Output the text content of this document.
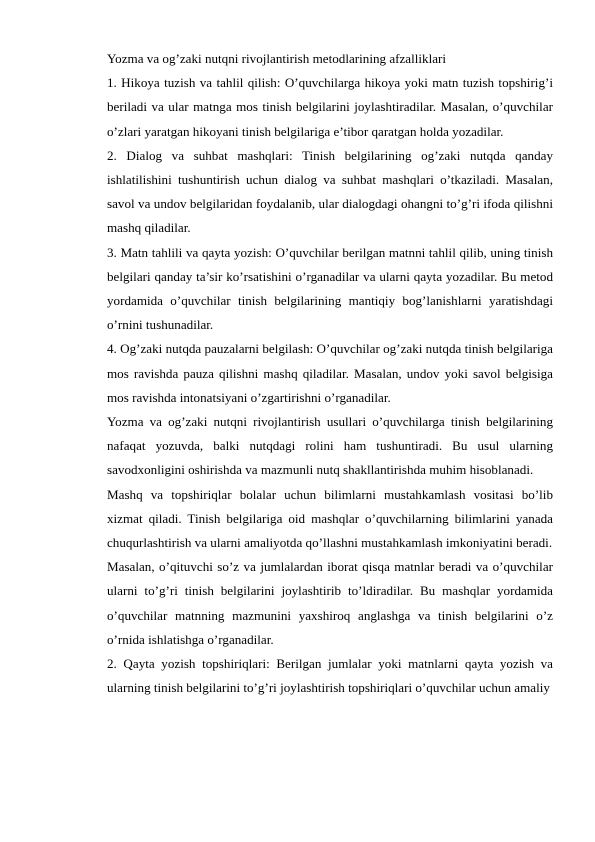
Yozma va og’zaki nutqni rivojlantirish metodlarining afzalliklari

1. Hikoya tuzish va tahlil qilish: O’quvchilarga hikoya yoki matn tuzish topshirig’i beriladi va ular matnga mos tinish belgilarini joylashtiradilar. Masalan, o’quvchilar o’zlari yaratgan hikoyani tinish belgilariga e’tibor qaratgan holda yozadilar.

2. Dialog va suhbat mashqlari: Tinish belgilarining og’zaki nutqda qanday ishlatilishini tushuntirish uchun dialog va suhbat mashqlari o’tkaziladi. Masalan, savol va undov belgilaridan foydalanib, ular dialogdagi ohangni to’g’ri ifoda qilishni mashq qiladilar.

3. Matn tahlili va qayta yozish: O’quvchilar berilgan matnni tahlil qilib, uning tinish belgilari qanday ta’sir ko’rsatishini o’rganadilar va ularni qayta yozadilar. Bu metod yordamida o’quvchilar tinish belgilarining mantiqiy bog’lanishlarni yaratishdagi o’rnini tushunadilar.

4. Og’zaki nutqda pauzalarni belgilash: O’quvchilar og’zaki nutqda tinish belgilariga mos ravishda pauza qilishni mashq qiladilar. Masalan, undov yoki savol belgisiga mos ravishda intonatsiyani o’zgartirishni o’rganadilar.

Yozma va og’zaki nutqni rivojlantirish usullari o’quvchilarga tinish belgilarining nafaqat yozuvda, balki nutqdagi rolini ham tushuntiradi. Bu usul ularning savodxonligini oshirishda va mazmunli nutq shakllantirishda muhim hisoblanadi.

Mashq va topshiriqlar bolalar uchun bilimlarni mustahkamlash vositasi bo’lib xizmat qiladi. Tinish belgilariga oid mashqlar o’quvchilarning bilimlarini yanada chuqurlashtirish va ularni amaliyotda qo’llashni mustahkamlash imkoniyatini beradi.

Masalan, o’qituvchi so’z va jumlalardan iborat qisqa matnlar beradi va o’quvchilar ularni to’g’ri tinish belgilarini joylashtirib to’ldiradilar. Bu mashqlar yordamida o’quvchilar matnning mazmunini yaxshiroq anglashga va tinish belgilarini o’z o’rnida ishlatishga o’rganadilar.

2. Qayta yozish topshiriqlari: Berilgan jumlalar yoki matnlarni qayta yozish va ularning tinish belgilarini to’g’ri joylashtirish topshiriqlari o’quvchilar uchun amaliy
